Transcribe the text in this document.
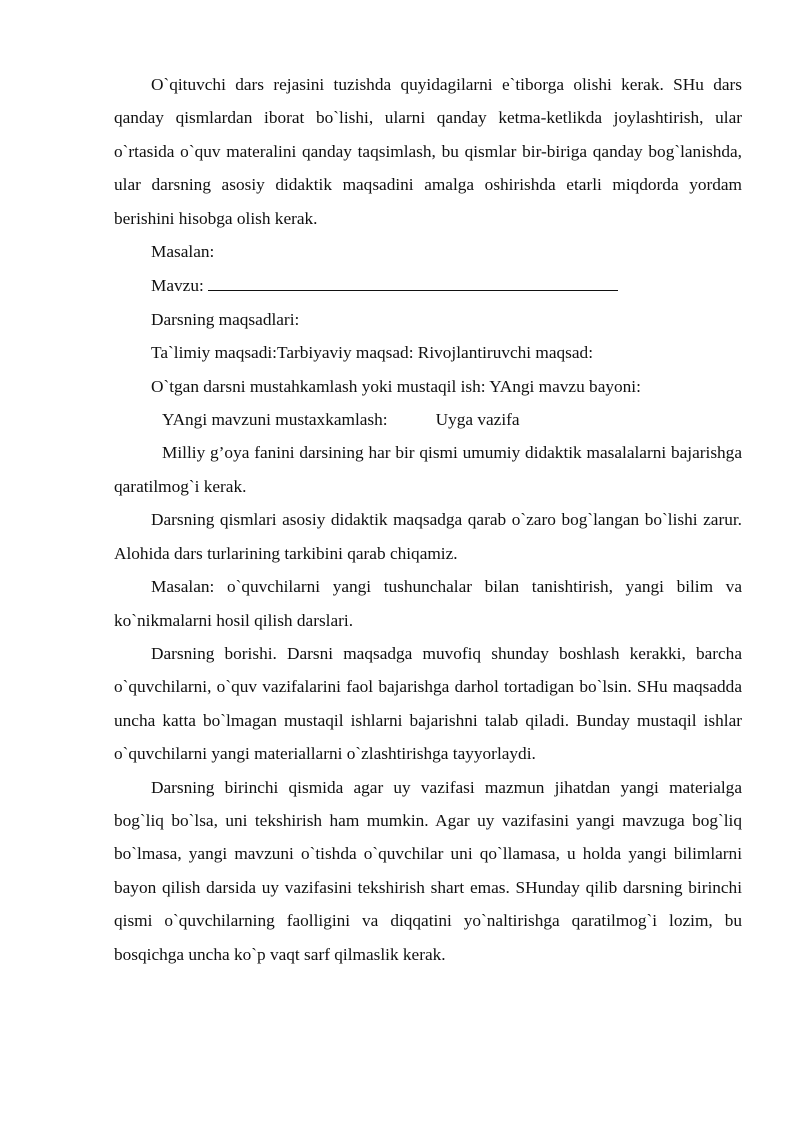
O`qituvchi dars rejasini tuzishda quyidagilarni e`tiborga olishi kerak. SHu dars qanday qismlardan iborat bo`lishi, ularni qanday ketma-ketlikda joylashtirish, ular o`rtasida o`quv materalini qanday taqsimlash, bu qismlar bir-biriga qanday bog`lanishda, ular darsning asosiy didaktik maqsadini amalga oshirishda etarli miqdorda yordam berishini hisobga olish kerak.

Masalan:

Mavzu:

Darsning maqsadlari:

Ta`limiy maqsadi:Tarbiyaviy maqsad: Rivojlantiruvchi maqsad:

O`tgan darsni mustahkamlash yoki mustaqil ish: YAngi mavzu bayoni:

YAngi mavzuni mustaxkamlash:	Uyga vazifa

Milliy g’oya fanini darsining har bir qismi umumiy didaktik masalalarni bajarishga qaratilmog`i kerak.

Darsning qismlari asosiy didaktik maqsadga qarab o`zaro bog`langan bo`lishi zarur. Alohida dars turlarining tarkibini qarab chiqamiz.

Masalan: o`quvchilarni yangi tushunchalar bilan tanishtirish, yangi bilim va ko`nikmalarni hosil qilish darslari.

Darsning borishi. Darsni maqsadga muvofiq shunday boshlash kerakki, barcha o`quvchilarni, o`quv vazifalarini faol bajarishga darhol tortadigan bo`lsin. SHu maqsadda uncha katta bo`lmagan mustaqil ishlarni bajarishni talab qiladi. Bunday mustaqil ishlar o`quvchilarni yangi materiallarni o`zlashtirishga tayyorlaydi.

Darsning birinchi qismida agar uy vazifasi mazmun jihatdan yangi materialga bog`liq bo`lsa, uni tekshirish ham mumkin. Agar uy vazifasini yangi mavzuga bog`liq bo`lmasa, yangi mavzuni o`tishda o`quvchilar uni qo`llamasa, u holda yangi bilimlarni bayon qilish darsida uy vazifasini tekshirish shart emas. SHunday qilib darsning birinchi qismi o`quvchilarning faolligini va diqqatini yo`naltirishga qaratilmog`i lozim, bu bosqichga uncha ko`p vaqt sarf qilmaslik kerak.
